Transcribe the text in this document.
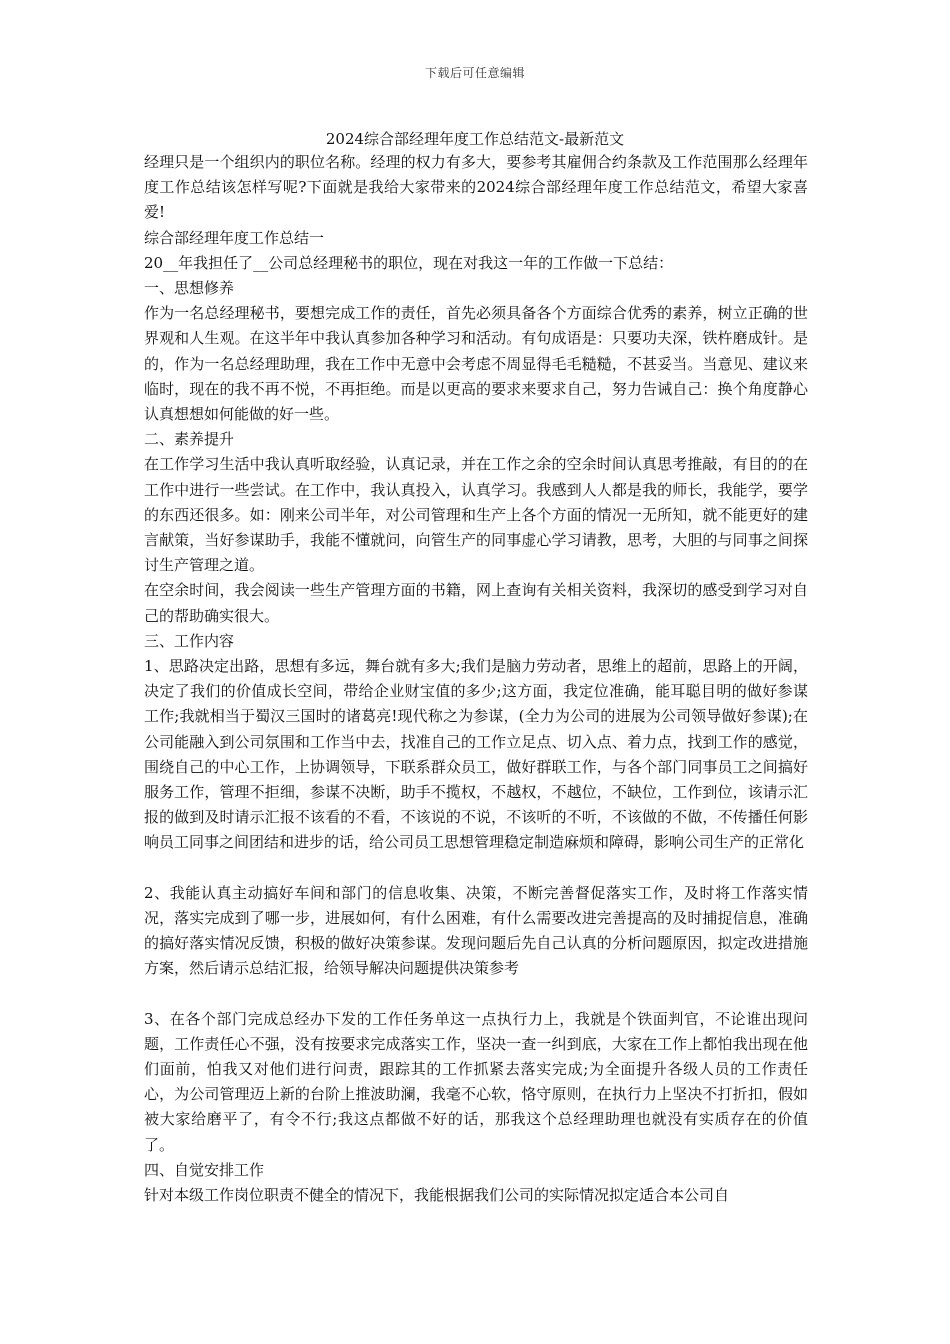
下载后可任意编辑
2024综合部经理年度工作总结范文-最新范文

经理只是一个组织内的职位名称。经理的权力有多大，要参考其雇佣合约条款及工作范围那么经理年度工作总结该怎样写呢?下面就是我给大家带来的2024综合部经理年度工作总结范文，希望大家喜爱!

综合部经理年度工作总结一

20__年我担任了__公司总经理秘书的职位，现在对我这一年的工作做一下总结：

一、思想修养

作为一名总经理秘书，要想完成工作的责任，首先必须具备各个方面综合优秀的素养，树立正确的世界观和人生观。在这半年中我认真参加各种学习和活动。有句成语是：只要功夫深，铁杵磨成针。是的，作为一名总经理助理，我在工作中无意中会考虑不周显得毛毛糙糙，不甚妥当。当意见、建议来临时，现在的我不再不悦，不再拒绝。而是以更高的要求来要求自己，努力告诫自己：换个角度静心认真想想如何能做的好一些。

二、素养提升

在工作学习生活中我认真听取经验，认真记录，并在工作之余的空余时间认真思考推敲，有目的的在工作中进行一些尝试。在工作中，我认真投入，认真学习。我感到人人都是我的师长，我能学，要学的东西还很多。如：刚来公司半年，对公司管理和生产上各个方面的情况一无所知，就不能更好的建言献策，当好参谋助手，我能不懂就问，向管生产的同事虚心学习请教，思考，大胆的与同事之间探讨生产管理之道。

在空余时间，我会阅读一些生产管理方面的书籍，网上查询有关相关资料，我深切的感受到学习对自己的帮助确实很大。

三、工作内容

1、思路决定出路，思想有多远，舞台就有多大;我们是脑力劳动者，思维上的超前，思路上的开阔，决定了我们的价值成长空间，带给企业财宝值的多少;这方面，我定位准确，能耳聪目明的做好参谋工作;我就相当于蜀汉三国时的诸葛亮!现代称之为参谋，(全力为公司的进展为公司领导做好参谋);在公司能融入到公司氛围和工作当中去，找准自己的工作立足点、切入点、着力点，找到工作的感觉，围绕自己的中心工作，上协调领导，下联系群众员工，做好群联工作，与各个部门同事员工之间搞好服务工作，管理不拒细，参谋不决断，助手不揽权，不越权，不越位，不缺位，工作到位，该请示汇报的做到及时请示汇报不该看的不看，不该说的不说，不该听的不听，不该做的不做，不传播任何影响员工同事之间团结和进步的话，给公司员工思想管理稳定制造麻烦和障碍，影响公司生产的正常化

2、我能认真主动搞好车间和部门的信息收集、决策，不断完善督促落实工作，及时将工作落实情况，落实完成到了哪一步，进展如何，有什么困难，有什么需要改进完善提高的及时捕捉信息，准确的搞好落实情况反馈，积极的做好决策参谋。发现问题后先自己认真的分析问题原因，拟定改进措施方案，然后请示总结汇报，给领导解决问题提供决策参考

3、在各个部门完成总经办下发的工作任务单这一点执行力上，我就是个铁面判官，不论谁出现问题，工作责任心不强，没有按要求完成落实工作，坚决一查一纠到底，大家在工作上都怕我出现在他们面前，怕我又对他们进行问责，跟踪其的工作抓紧去落实完成;为全面提升各级人员的工作责任心，为公司管理迈上新的台阶上推波助澜，我毫不心软，恪守原则，在执行力上坚决不打折扣，假如被大家给磨平了，有令不行;我这点都做不好的话，那我这个总经理助理也就没有实质存在的价值了。

四、自觉安排工作

针对本级工作岗位职责不健全的情况下，我能根据我们公司的实际情况拟定适合本公司自
